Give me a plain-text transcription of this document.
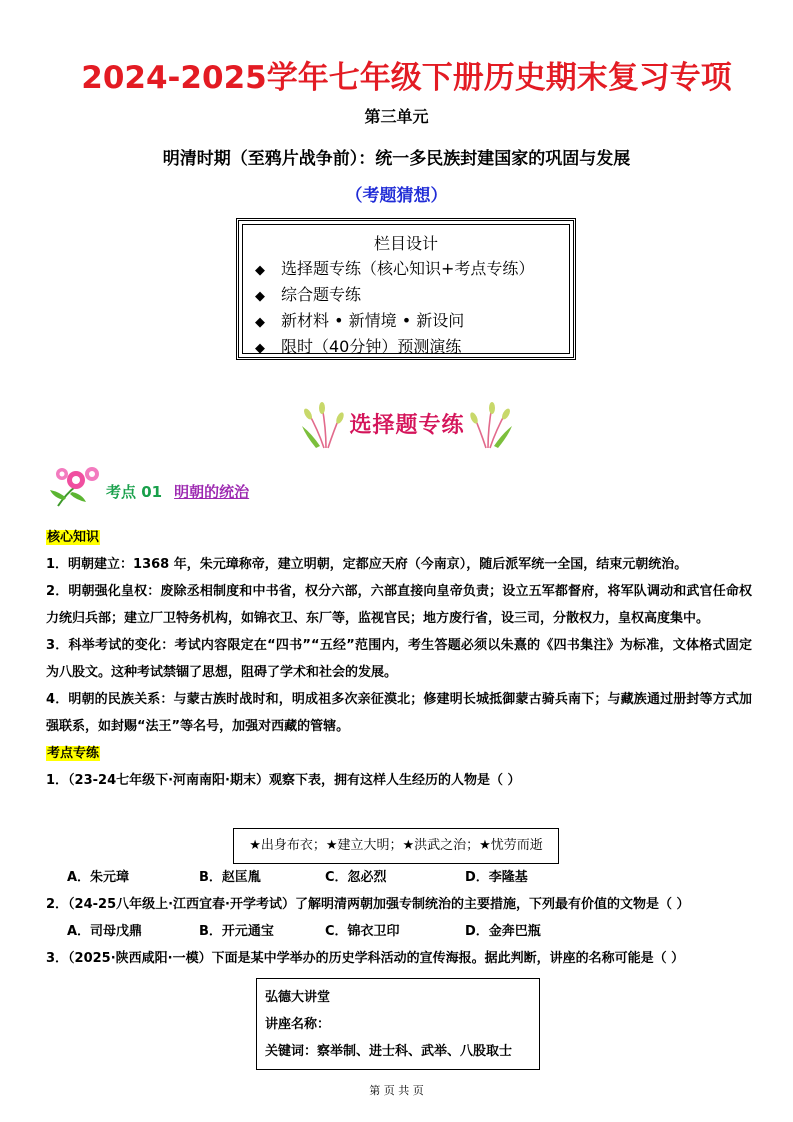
2024-2025学年七年级下册历史期末复习专项
第三单元
明清时期（至鸦片战争前）：统一多民族封建国家的巩固与发展
（考题猜想）
栏目设计
◆ 选择题专练（核心知识+考点专练）
◆ 综合题专练
◆ 新材料 • 新情境 • 新设问
◆ 限时（40分钟）预测演练
选择题专练
考点 01 明朝的统治
核心知识

1．明朝建立：1368 年，朱元璋称帝，建立明朝，定都应天府（今南京），随后派军统一全国，结束元朝统治。

2．明朝强化皇权：废除丞相制度和中书省，权分六部，六部直接向皇帝负责；设立五军都督府，将军队调动和武官任命权力统归兵部；建立厂卫特务机构，如锦衣卫、东厂等，监视官民；地方废行省，设三司，分散权力，皇权高度集中。

3．科举考试的变化：考试内容限定在“四书”“五经”范围内，考生答题必须以朱熹的《四书集注》为标准，文体格式固定为八股文。这种考试禁锢了思想，阻碍了学术和社会的发展。

4．明朝的民族关系：与蒙古族时战时和，明成祖多次亲征漠北；修建明长城抵御蒙古骑兵南下；与藏族通过册封等方式加强联系，如封赐“法王”等名号，加强对西藏的管辖。

考点专练

1．（23-24七年级下·河南南阳·期末）观察下表，拥有这样人生经历的人物是（ ）

★出身布衣；★建立大明；★洪武之治；★忧劳而逝
A．朱元璋	B．赵匡胤	C．忽必烈	D．李隆基

2．（24-25八年级上·江西宜春·开学考试）了解明清两朝加强专制统治的主要措施，下列最有价值的文物是（ ）

A．司母戊鼎	B．开元通宝	C．锦衣卫印	D．金奔巴瓶

3．（2025·陕西咸阳·一模）下面是某中学举办的历史学科活动的宣传海报。据此判断，讲座的名称可能是（ ）

弘德大讲堂
讲座名称：
关键词：察举制、进士科、武举、八股取士
第 页 共 页
